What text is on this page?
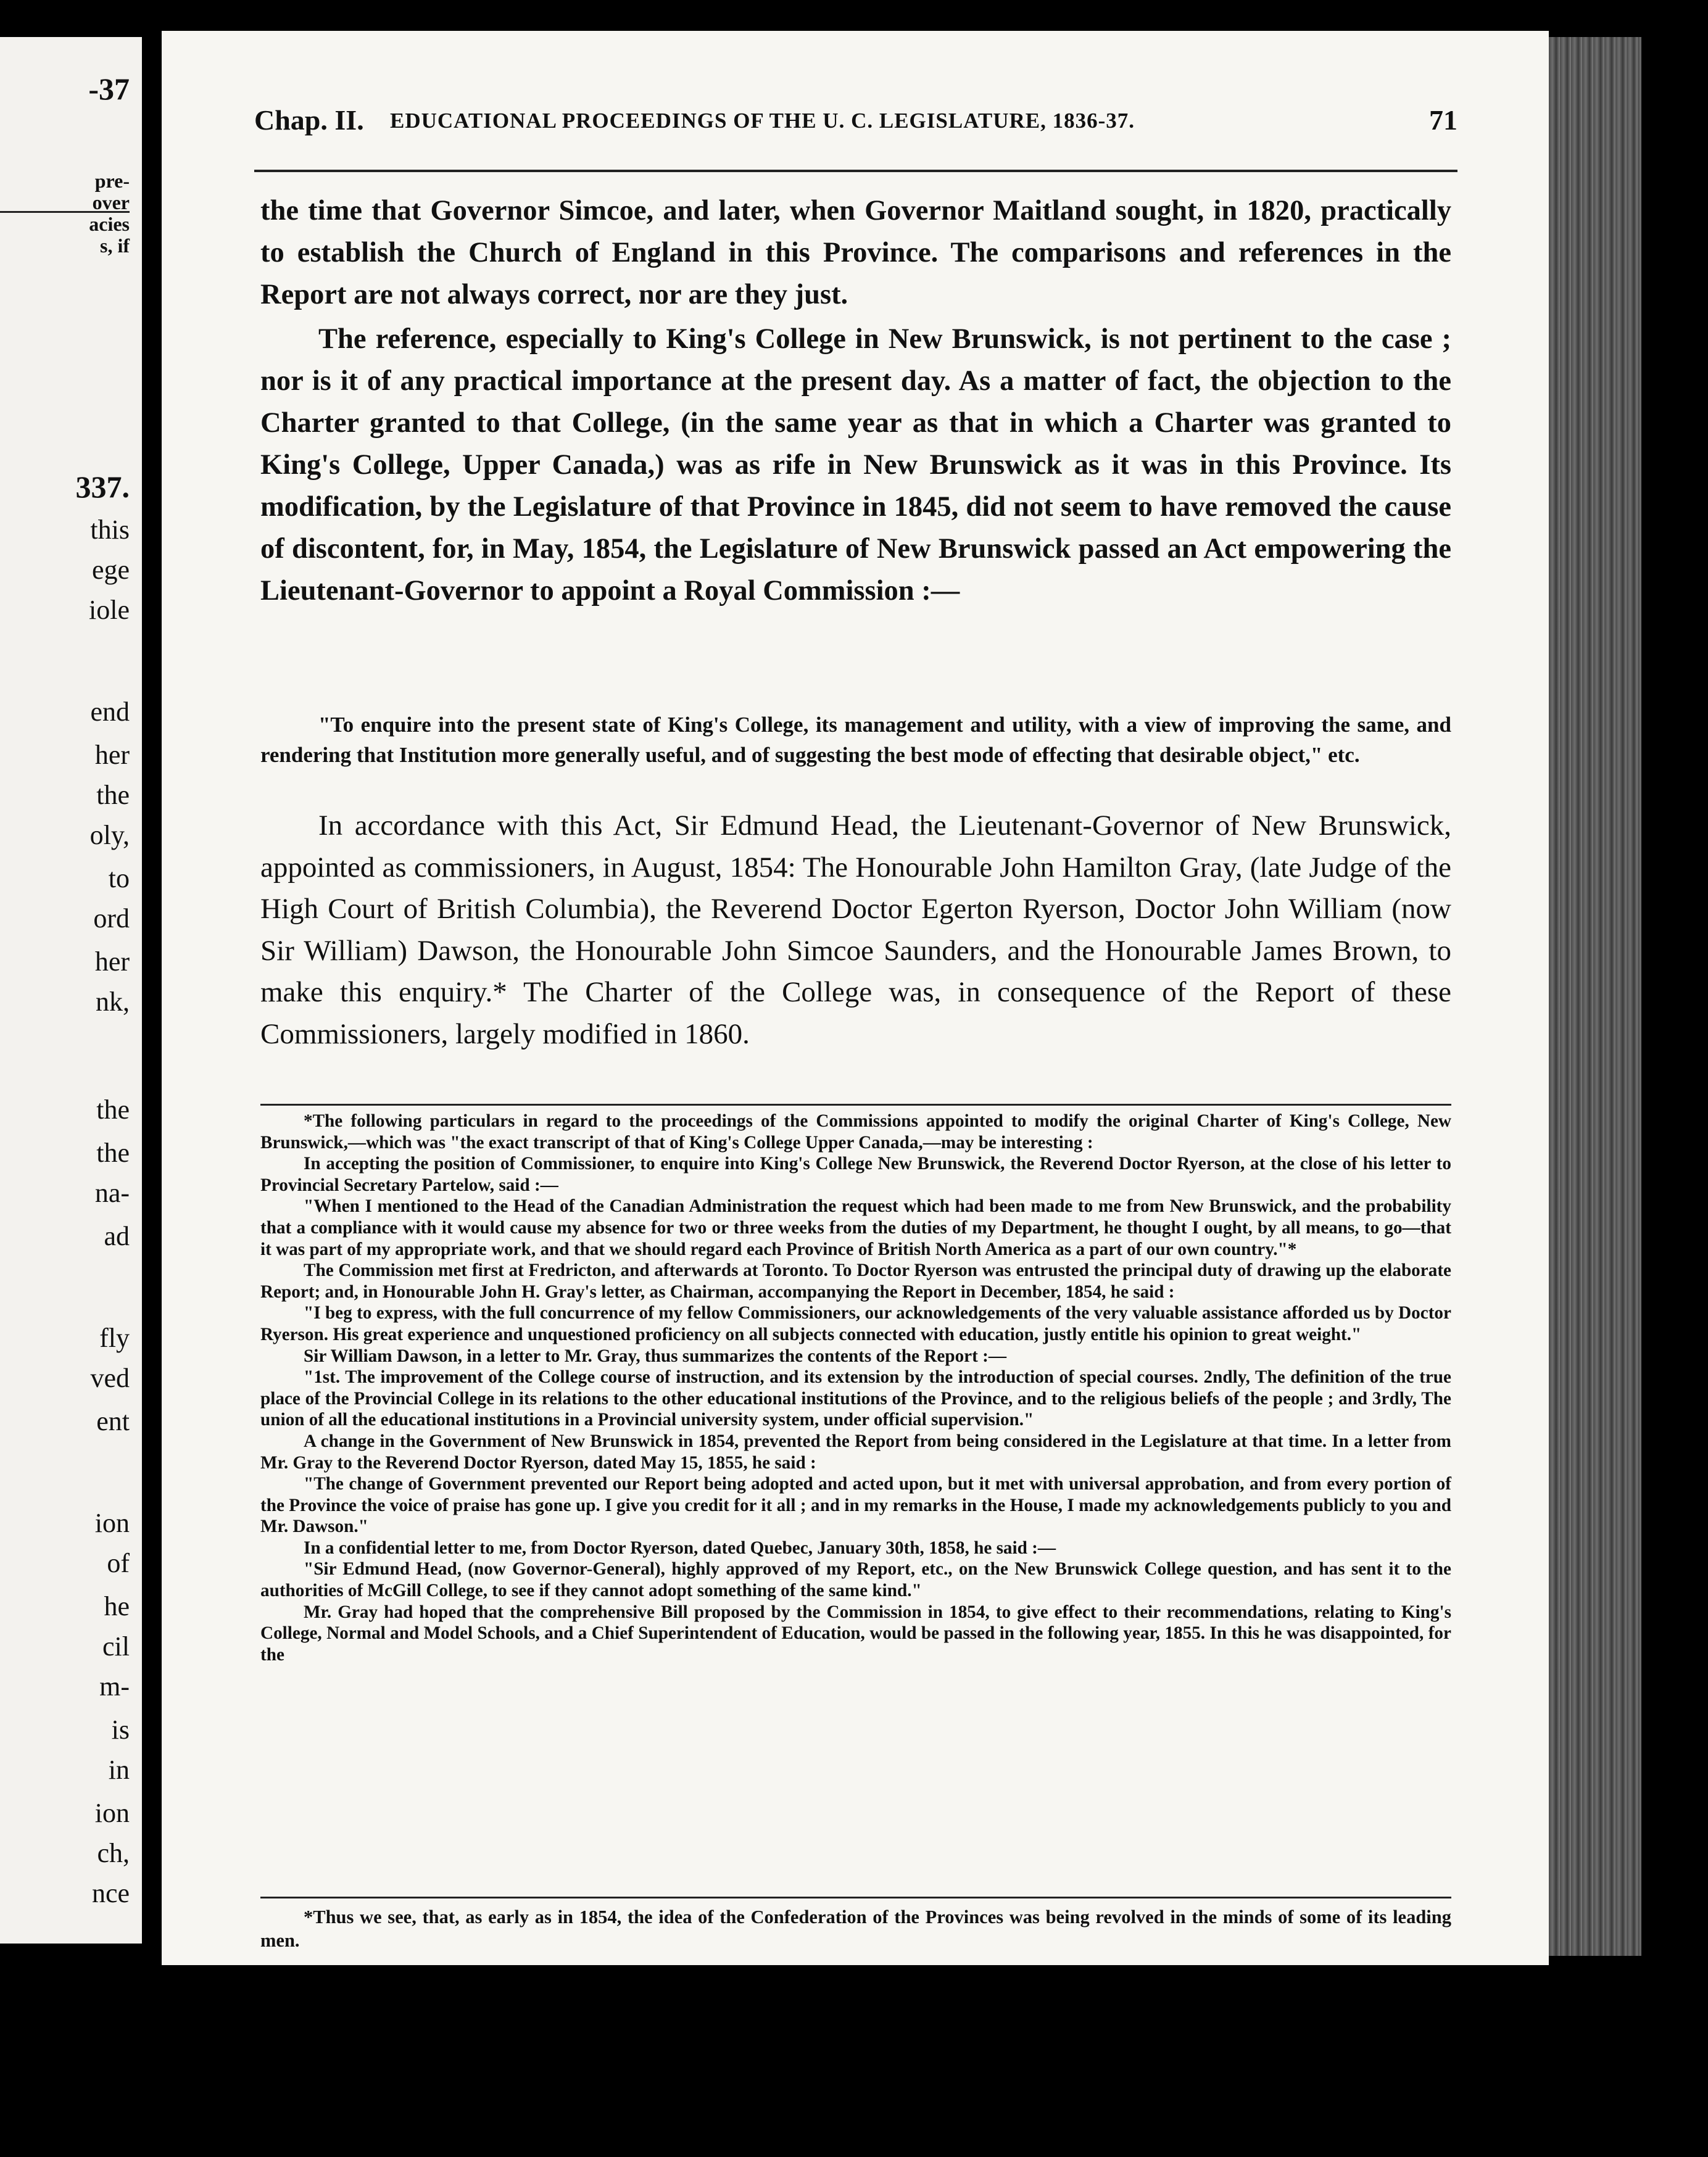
-37
pre-
over
acies
s, if
337.
this
ege
iole
end
her
the
oly,
to
ord
her
nk,
the
the
na-
ad
fly
ved
ent
ion
of
he
cil
m-
is
in
ion
ch,
nce
Chap. II. EDUCATIONAL PROCEEDINGS OF THE U. C. LEGISLATURE, 1836-37.	71

the time that Governor Simcoe, and later, when Governor Maitland sought, in 1820, practically to establish the Church of England in this Province. The comparisons and references in the Report are not always correct, nor are they just.

The reference, especially to King's College in New Brunswick, is not pertinent to the case ; nor is it of any practical importance at the present day. As a matter of fact, the objection to the Charter granted to that College, (in the same year as that in which a Charter was granted to King's College, Upper Canada,) was as rife in New Brunswick as it was in this Province. Its modification, by the Legislature of that Province in 1845, did not seem to have removed the cause of discontent, for, in May, 1854, the Legislature of New Brunswick passed an Act empowering the Lieutenant-Governor to appoint a Royal Commission :—

"To enquire into the present state of King's College, its management and utility, with a view of improving the same, and rendering that Institution more generally useful, and of suggesting the best mode of effecting that desirable object," etc.

In accordance with this Act, Sir Edmund Head, the Lieutenant-Governor of New Brunswick, appointed as commissioners, in August, 1854: The Honourable John Hamilton Gray, (late Judge of the High Court of British Columbia), the Reverend Doctor Egerton Ryerson, Doctor John William (now Sir William) Dawson, the Honourable John Simcoe Saunders, and the Honourable James Brown, to make this enquiry.* The Charter of the College was, in consequence of the Report of these Commissioners, largely modified in 1860.

*The following particulars in regard to the proceedings of the Commissions appointed to modify the original Charter of King's College, New Brunswick,—which was "the exact transcript of that of King's College Upper Canada,—may be interesting :

In accepting the position of Commissioner, to enquire into King's College New Brunswick, the Reverend Doctor Ryerson, at the close of his letter to Provincial Secretary Partelow, said :—

"When I mentioned to the Head of the Canadian Administration the request which had been made to me from New Brunswick, and the probability that a compliance with it would cause my absence for two or three weeks from the duties of my Department, he thought I ought, by all means, to go—that it was part of my appropriate work, and that we should regard each Province of British North America as a part of our own country."*

The Commission met first at Fredricton, and afterwards at Toronto. To Doctor Ryerson was entrusted the principal duty of drawing up the elaborate Report; and, in Honourable John H. Gray's letter, as Chairman, accompanying the Report in December, 1854, he said :

"I beg to express, with the full concurrence of my fellow Commissioners, our acknowledgements of the very valuable assistance afforded us by Doctor Ryerson. His great experience and unquestioned proficiency on all subjects connected with education, justly entitle his opinion to great weight."

Sir William Dawson, in a letter to Mr. Gray, thus summarizes the contents of the Report :—

"1st. The improvement of the College course of instruction, and its extension by the introduction of special courses. 2ndly, The definition of the true place of the Provincial College in its relations to the other educational institutions of the Province, and to the religious beliefs of the people ; and 3rdly, The union of all the educational institutions in a Provincial university system, under official supervision."

A change in the Government of New Brunswick in 1854, prevented the Report from being considered in the Legislature at that time. In a letter from Mr. Gray to the Reverend Doctor Ryerson, dated May 15, 1855, he said :

"The change of Government prevented our Report being adopted and acted upon, but it met with universal approbation, and from every portion of the Province the voice of praise has gone up. I give you credit for it all ; and in my remarks in the House, I made my acknowledgements publicly to you and Mr. Dawson."

In a confidential letter to me, from Doctor Ryerson, dated Quebec, January 30th, 1858, he said :—

"Sir Edmund Head, (now Governor-General), highly approved of my Report, etc., on the New Brunswick College question, and has sent it to the authorities of McGill College, to see if they cannot adopt something of the same kind."

Mr. Gray had hoped that the comprehensive Bill proposed by the Commission in 1854, to give effect to their recommendations, relating to King's College, Normal and Model Schools, and a Chief Superintendent of Education, would be passed in the following year, 1855. In this he was disappointed, for the

*Thus we see, that, as early as in 1854, the idea of the Confederation of the Provinces was being revolved in the minds of some of its leading men.
